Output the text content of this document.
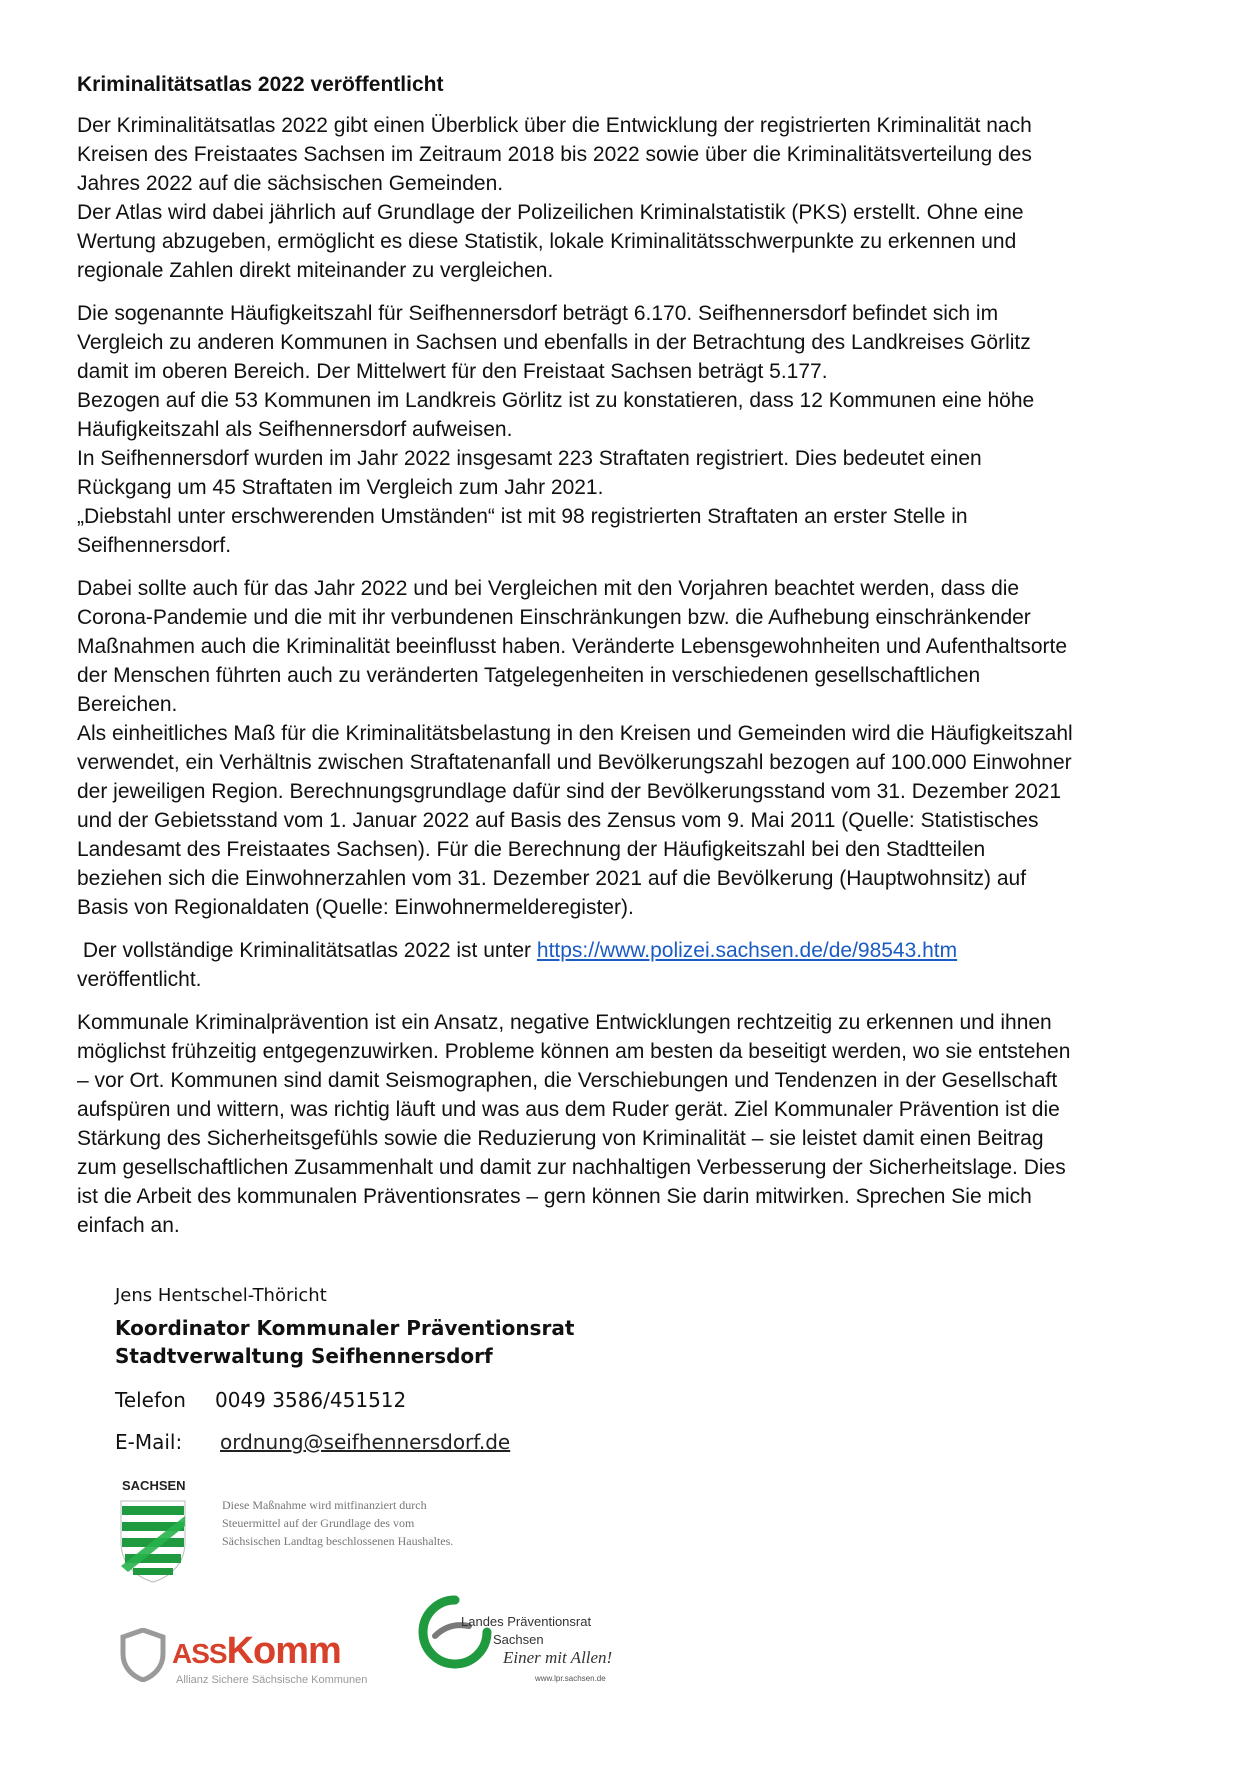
Kriminalitätsatlas 2022 veröffentlicht

Der Kriminalitätsatlas 2022 gibt einen Überblick über die Entwicklung der registrierten Kriminalität nach
Kreisen des Freistaates Sachsen im Zeitraum 2018 bis 2022 sowie über die Kriminalitätsverteilung des
Jahres 2022 auf die sächsischen Gemeinden.
Der Atlas wird dabei jährlich auf Grundlage der Polizeilichen Kriminalstatistik (PKS) erstellt. Ohne eine
Wertung abzugeben, ermöglicht es diese Statistik, lokale Kriminalitätsschwerpunkte zu erkennen und
regionale Zahlen direkt miteinander zu vergleichen.

Die sogenannte Häufigkeitszahl für Seifhennersdorf beträgt 6.170. Seifhennersdorf befindet sich im
Vergleich zu anderen Kommunen in Sachsen und ebenfalls in der Betrachtung des Landkreises Görlitz
damit im oberen Bereich. Der Mittelwert für den Freistaat Sachsen beträgt 5.177.
Bezogen auf die 53 Kommunen im Landkreis Görlitz ist zu konstatieren, dass 12 Kommunen eine höhe
Häufigkeitszahl als Seifhennersdorf aufweisen.
In Seifhennersdorf wurden im Jahr 2022 insgesamt 223 Straftaten registriert. Dies bedeutet einen
Rückgang um 45 Straftaten im Vergleich zum Jahr 2021.
„Diebstahl unter erschwerenden Umständen“ ist mit 98 registrierten Straftaten an erster Stelle in
Seifhennersdorf.

Dabei sollte auch für das Jahr 2022 und bei Vergleichen mit den Vorjahren beachtet werden, dass die
Corona-Pandemie und die mit ihr verbundenen Einschränkungen bzw. die Aufhebung einschränkender
Maßnahmen auch die Kriminalität beeinflusst haben. Veränderte Lebensgewohnheiten und Aufenthaltsorte
der Menschen führten auch zu veränderten Tatgelegenheiten in verschiedenen gesellschaftlichen
Bereichen.
Als einheitliches Maß für die Kriminalitätsbelastung in den Kreisen und Gemeinden wird die Häufigkeitszahl
verwendet, ein Verhältnis zwischen Straftatenanfall und Bevölkerungszahl bezogen auf 100.000 Einwohner
der jeweiligen Region. Berechnungsgrundlage dafür sind der Bevölkerungsstand vom 31. Dezember 2021
und der Gebietsstand vom 1. Januar 2022 auf Basis des Zensus vom 9. Mai 2011 (Quelle: Statistisches
Landesamt des Freistaates Sachsen). Für die Berechnung der Häufigkeitszahl bei den Stadtteilen
beziehen sich die Einwohnerzahlen vom 31. Dezember 2021 auf die Bevölkerung (Hauptwohnsitz) auf
Basis von Regionaldaten (Quelle: Einwohnermelderegister).

Der vollständige Kriminalitätsatlas 2022 ist unter https://www.polizei.sachsen.de/de/98543.htm
veröffentlicht.

Kommunale Kriminalprävention ist ein Ansatz, negative Entwicklungen rechtzeitig zu erkennen und ihnen
möglichst frühzeitig entgegenzuwirken. Probleme können am besten da beseitigt werden, wo sie entstehen
– vor Ort. Kommunen sind damit Seismographen, die Verschiebungen und Tendenzen in der Gesellschaft
aufspüren und wittern, was richtig läuft und was aus dem Ruder gerät. Ziel Kommunaler Prävention ist die
Stärkung des Sicherheitsgefühls sowie die Reduzierung von Kriminalität – sie leistet damit einen Beitrag
zum gesellschaftlichen Zusammenhalt und damit zur nachhaltigen Verbesserung der Sicherheitslage. Dies
ist die Arbeit des kommunalen Präventionsrates – gern können Sie darin mitwirken. Sprechen Sie mich
einfach an.

Jens Hentschel-Thöricht
Koordinator Kommunaler Präventionsrat
Stadtverwaltung Seifhennersdorf
Telefon 0049 3586/451512
E-Mail: ordnung@seifhennersdorf.de
SACHSEN
Diese Maßnahme wird mitfinanziert durch
Steuermittel auf der Grundlage des vom
Sächsischen Landtag beschlossenen Haushaltes.
ASSKomm
Allianz Sichere Sächsische Kommunen
Landes Präventionsrat
Sachsen
Einer mit Allen!
www.lpr.sachsen.de
